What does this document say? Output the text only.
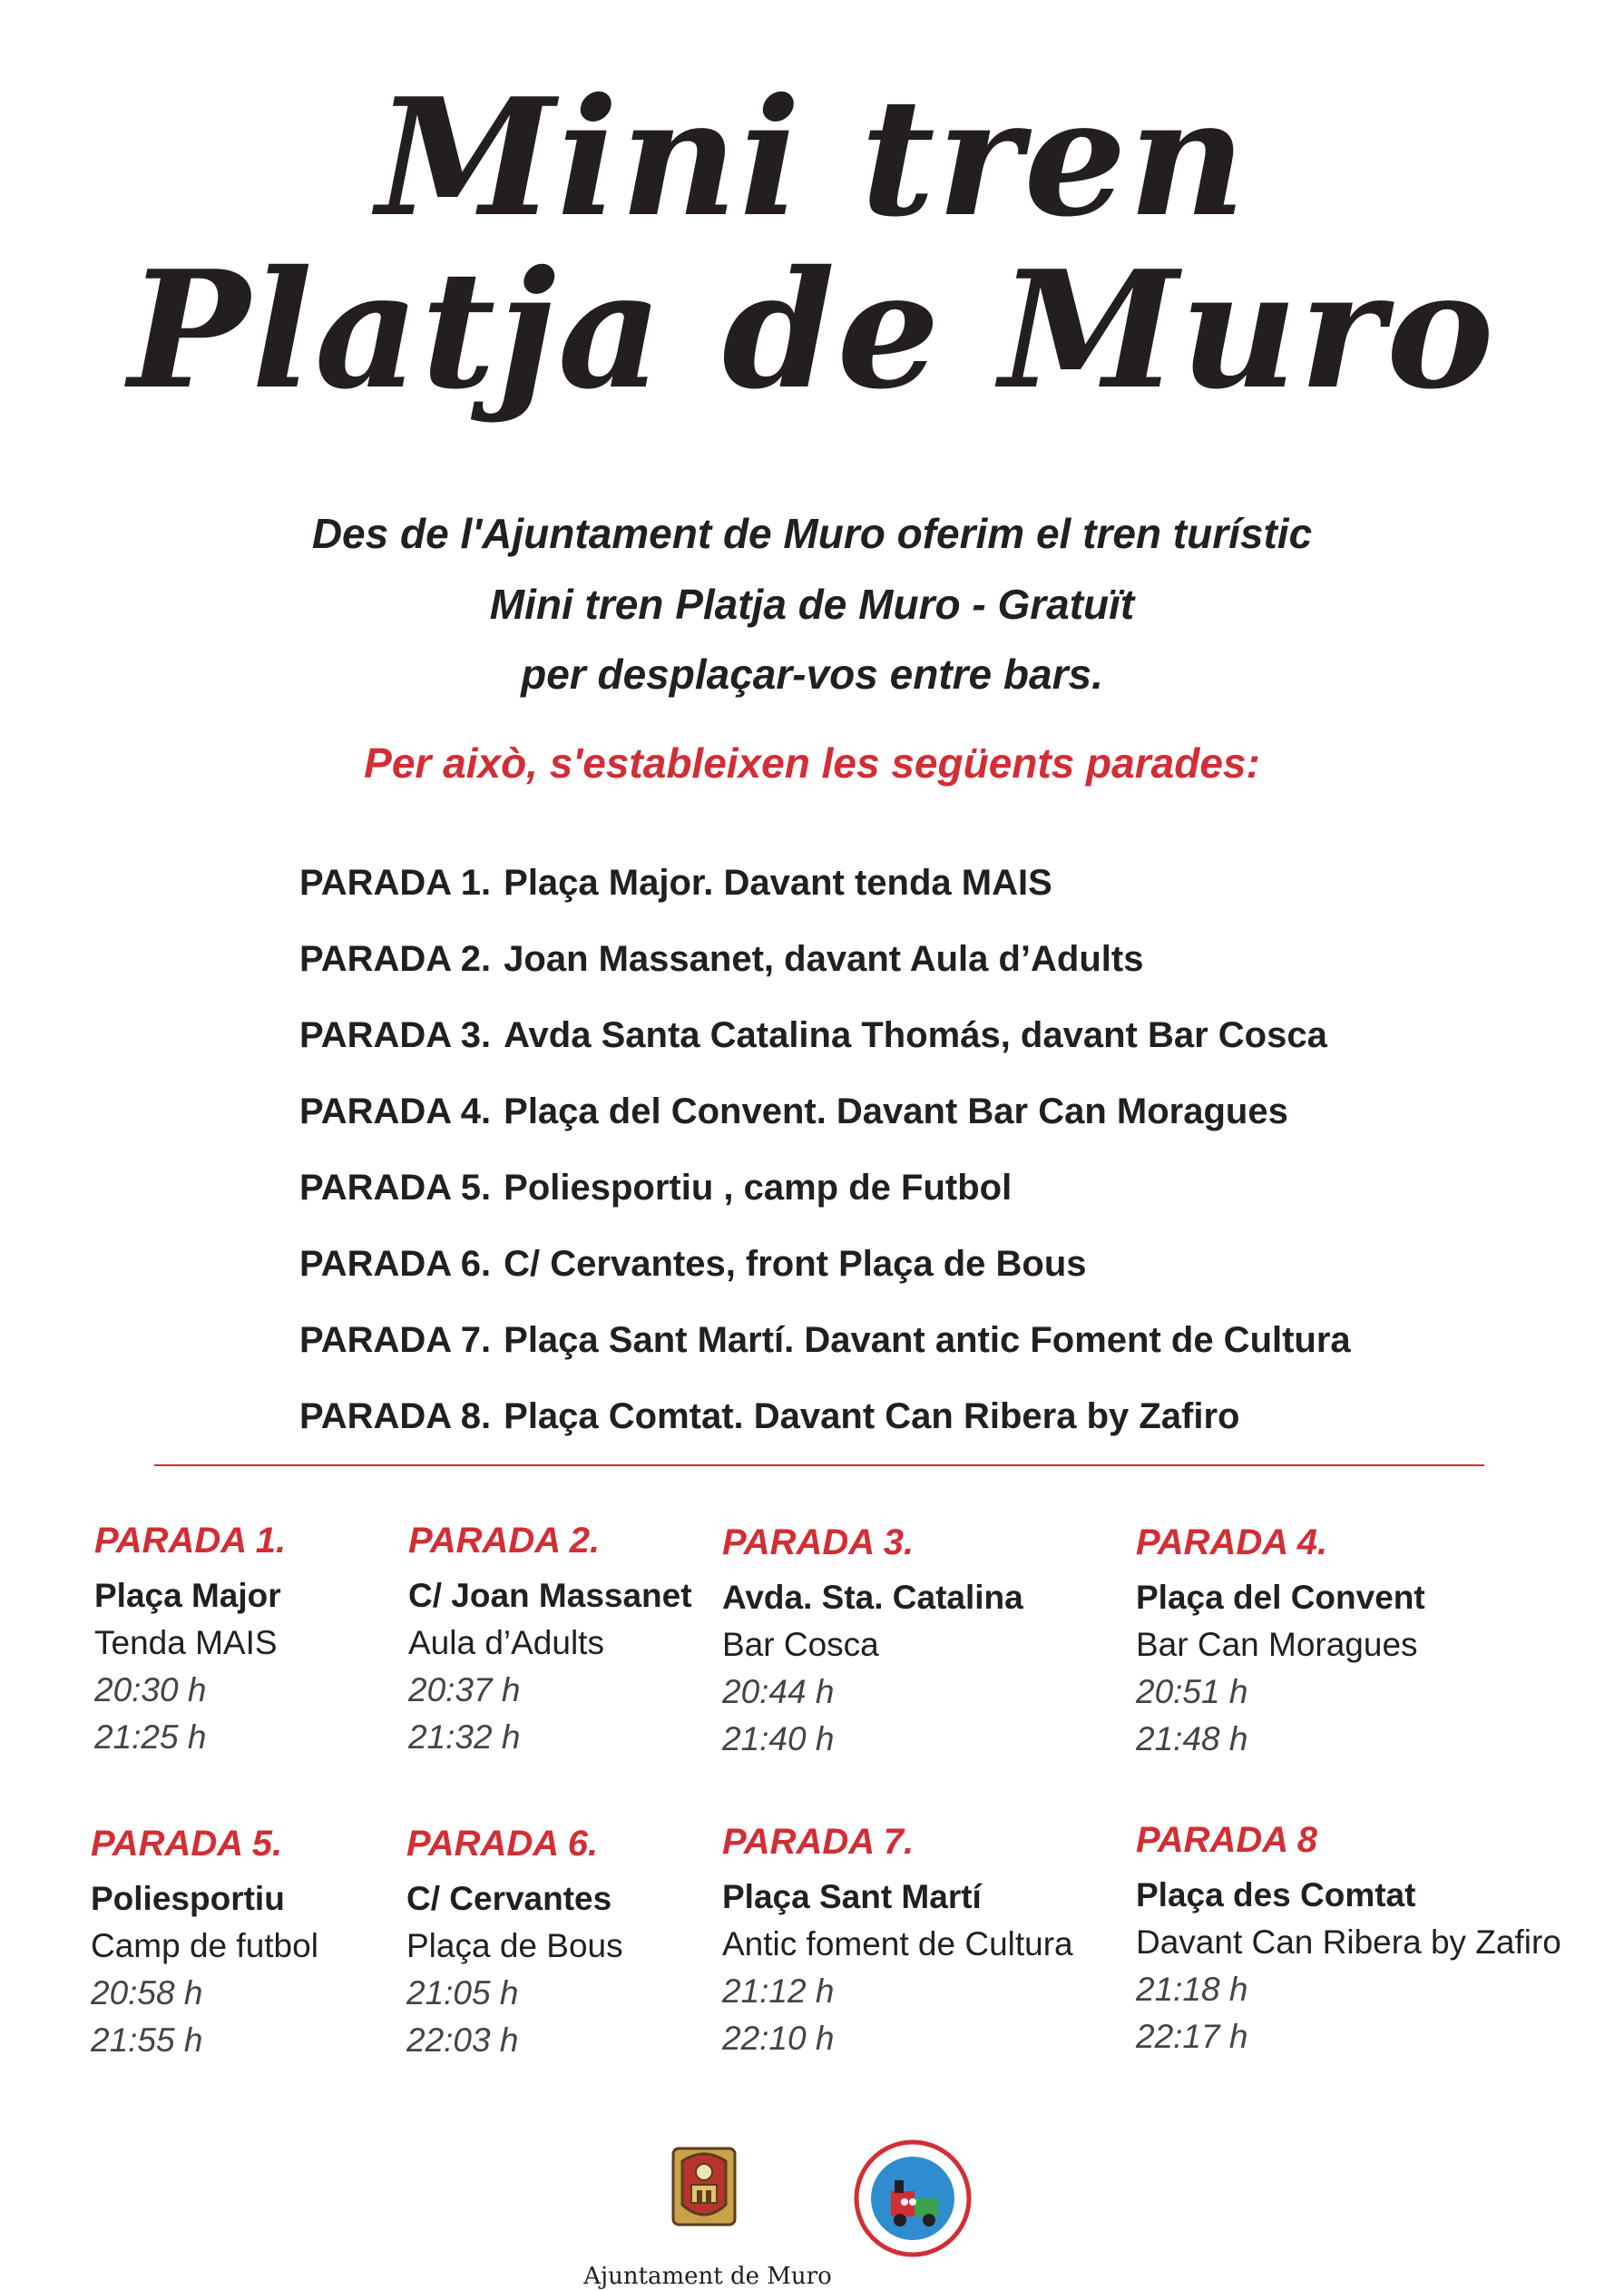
Mini tren
Platja de Muro
Des de l'Ajuntament de Muro oferim el tren turístic
Mini tren Platja de Muro - Gratuït
per desplaçar-vos entre bars.
Per això, s'estableixen les següents parades:
PARADA 1. Plaça Major. Davant tenda MAIS
PARADA 2. Joan Massanet, davant Aula d’Adults
PARADA 3. Avda Santa Catalina Thomás, davant Bar Cosca
PARADA 4. Plaça del Convent. Davant Bar Can Moragues
PARADA 5. Poliesportiu , camp de Futbol
PARADA 6. C/ Cervantes, front Plaça de Bous
PARADA 7. Plaça Sant Martí. Davant antic Foment de Cultura
PARADA 8. Plaça Comtat. Davant Can Ribera by Zafiro
PARADA 1.
Plaça Major
Tenda MAIS
20:30 h
21:25 h
PARADA 2.
C/ Joan Massanet
Aula d’Adults
20:37 h
21:32 h
PARADA 3.
Avda. Sta. Catalina
Bar Cosca
20:44 h
21:40 h
PARADA 4.
Plaça del Convent
Bar Can Moragues
20:51 h
21:48 h
PARADA 5.
Poliesportiu
Camp de futbol
20:58 h
21:55 h
PARADA 6.
C/ Cervantes
Plaça de Bous
21:05 h
22:03 h
PARADA 7.
Plaça Sant Martí
Antic foment de Cultura
21:12 h
22:10 h
PARADA 8
Plaça des Comtat
Davant Can Ribera by Zafiro
21:18 h
22:17 h
Ajuntament de Muro
